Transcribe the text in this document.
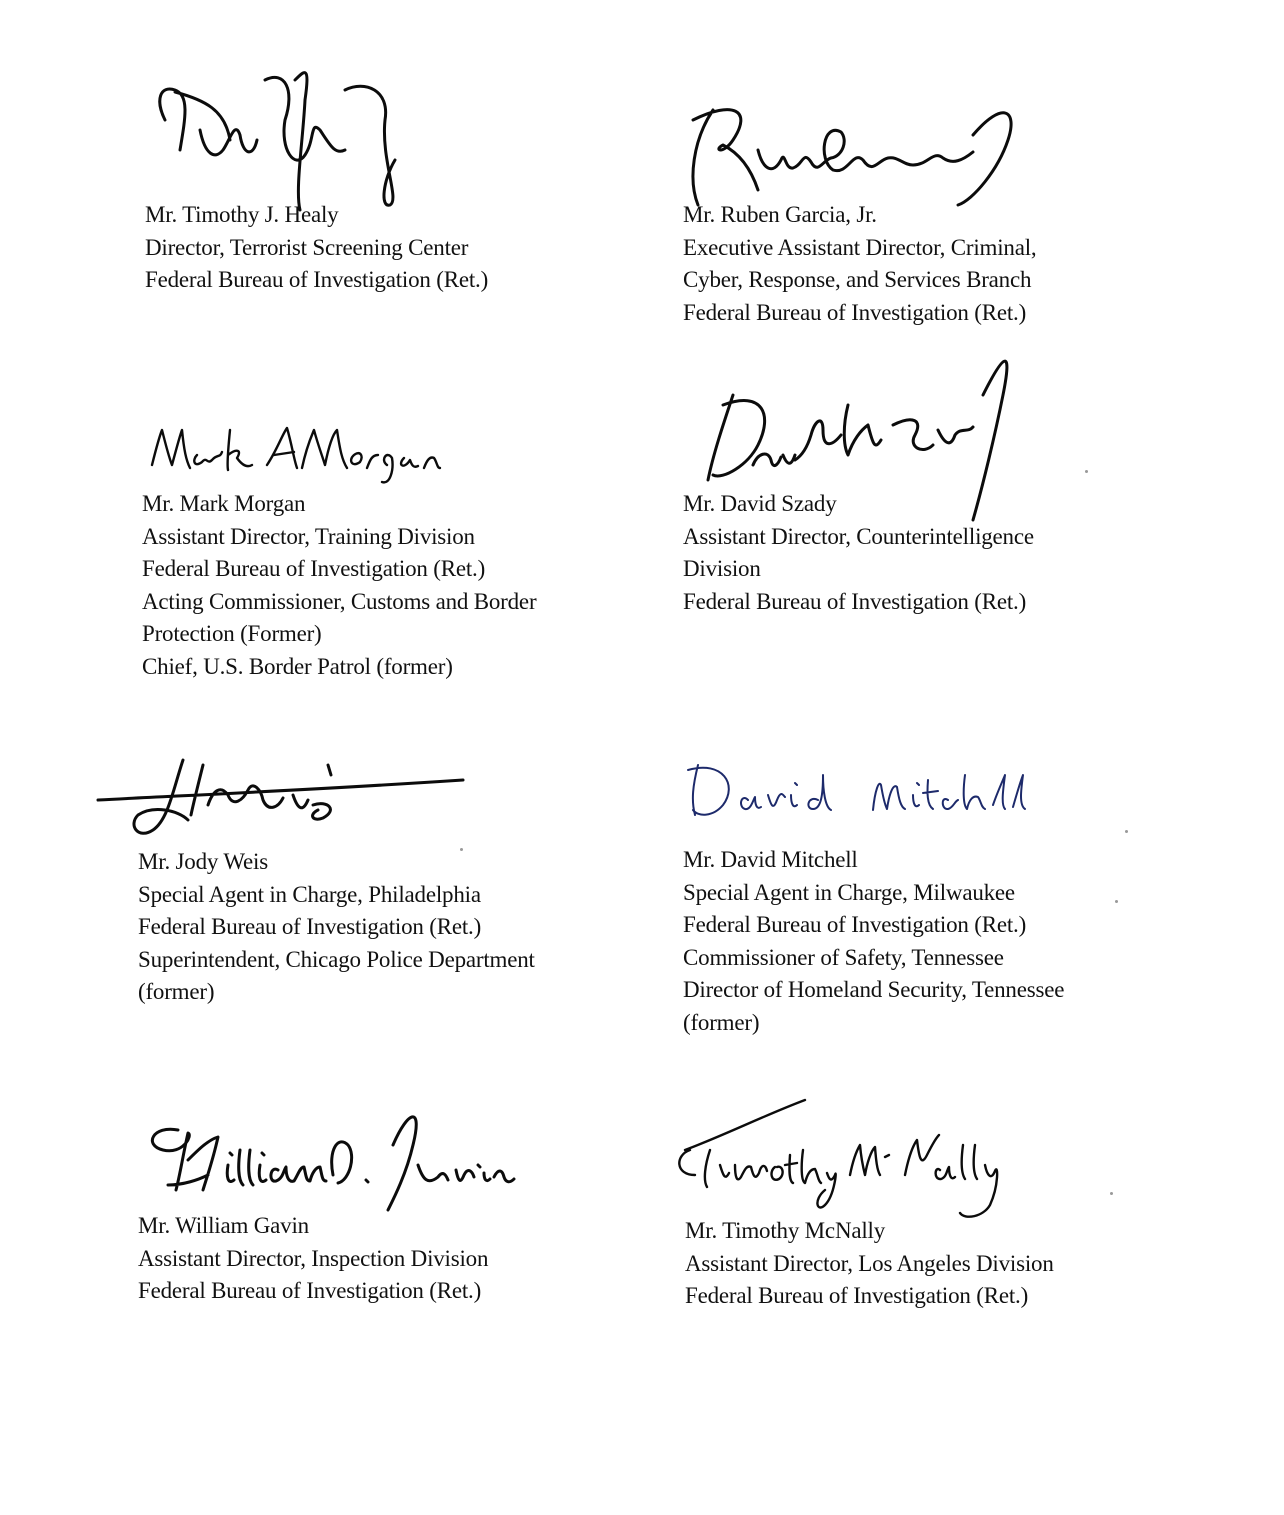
Mr. Timothy J. Healy
Director, Terrorist Screening Center
Federal Bureau of Investigation (Ret.)
Mr. Ruben Garcia, Jr.
Executive Assistant Director, Criminal,
Cyber, Response, and Services Branch
Federal Bureau of Investigation (Ret.)
Mr. Mark Morgan
Assistant Director, Training Division
Federal Bureau of Investigation (Ret.)
Acting Commissioner, Customs and Border
Protection (Former)
Chief, U.S. Border Patrol (former)
Mr. David Szady
Assistant Director, Counterintelligence
Division
Federal Bureau of Investigation (Ret.)
Mr. Jody Weis
Special Agent in Charge, Philadelphia
Federal Bureau of Investigation (Ret.)
Superintendent, Chicago Police Department
(former)
Mr. David Mitchell
Special Agent in Charge, Milwaukee
Federal Bureau of Investigation (Ret.)
Commissioner of Safety, Tennessee
Director of Homeland Security, Tennessee
(former)
Mr. William Gavin
Assistant Director, Inspection Division
Federal Bureau of Investigation (Ret.)
Mr. Timothy McNally
Assistant Director, Los Angeles Division
Federal Bureau of Investigation (Ret.)
